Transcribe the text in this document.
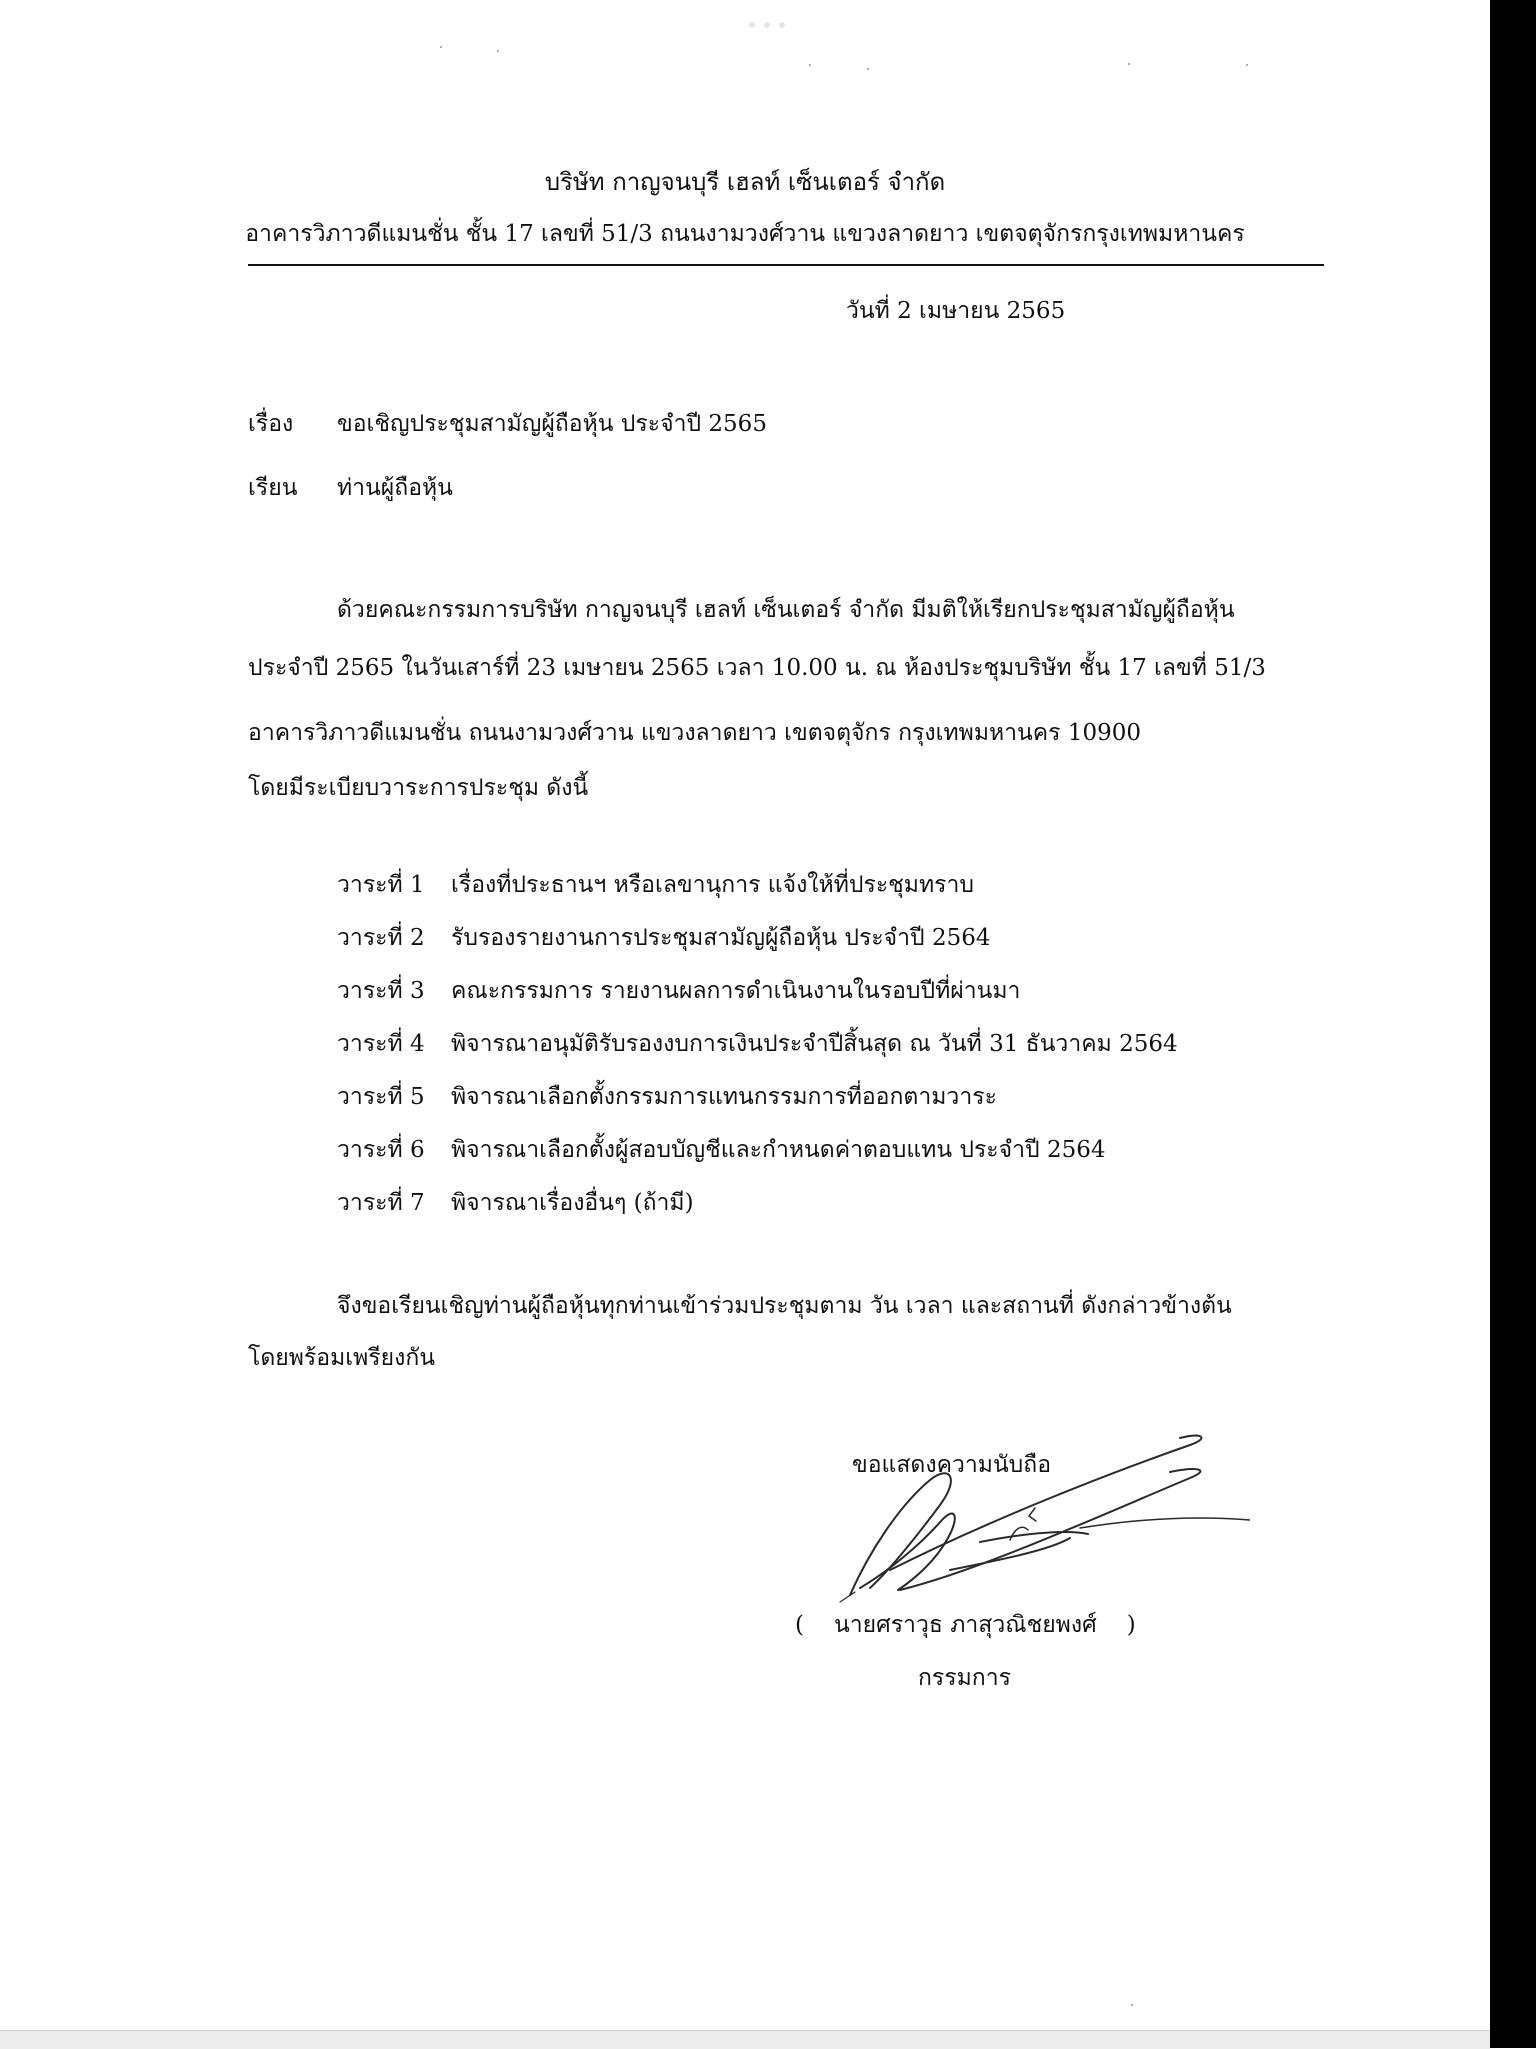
บริษัท กาญจนบุรี เฮลท์ เซ็นเตอร์ จำกัด
อาคารวิภาวดีแมนชั่น ชั้น 17 เลขที่ 51/3 ถนนงามวงศ์วาน แขวงลาดยาว เขตจตุจักรกรุงเทพมหานคร
วันที่ 2 เมษายน 2565
เรื่อง ขอเชิญประชุมสามัญผู้ถือหุ้น ประจำปี 2565
เรียน ท่านผู้ถือหุ้น
ด้วยคณะกรรมการบริษัท กาญจนบุรี เฮลท์ เซ็นเตอร์ จำกัด มีมติให้เรียกประชุมสามัญผู้ถือหุ้น
ประจำปี 2565 ในวันเสาร์ที่ 23 เมษายน 2565 เวลา 10.00 น. ณ ห้องประชุมบริษัท ชั้น 17 เลขที่ 51/3
อาคารวิภาวดีแมนชั่น ถนนงามวงศ์วาน แขวงลาดยาว เขตจตุจักร กรุงเทพมหานคร 10900
โดยมีระเบียบวาระการประชุม ดังนี้
วาระที่ 1 เรื่องที่ประธานฯ หรือเลขานุการ แจ้งให้ที่ประชุมทราบ
วาระที่ 2 รับรองรายงานการประชุมสามัญผู้ถือหุ้น ประจำปี 2564
วาระที่ 3 คณะกรรมการ รายงานผลการดำเนินงานในรอบปีที่ผ่านมา
วาระที่ 4 พิจารณาอนุมัติรับรองงบการเงินประจำปีสิ้นสุด ณ วันที่ 31 ธันวาคม 2564
วาระที่ 5 พิจารณาเลือกตั้งกรรมการแทนกรรมการที่ออกตามวาระ
วาระที่ 6 พิจารณาเลือกตั้งผู้สอบบัญชีและกำหนดค่าตอบแทน ประจำปี 2564
วาระที่ 7 พิจารณาเรื่องอื่นๆ (ถ้ามี)
จึงขอเรียนเชิญท่านผู้ถือหุ้นทุกท่านเข้าร่วมประชุมตาม วัน เวลา และสถานที่ ดังกล่าวข้างต้น
โดยพร้อมเพรียงกัน
ขอแสดงความนับถือ
( นายศราวุธ ภาสุวณิชยพงศ์ )
กรรมการ
